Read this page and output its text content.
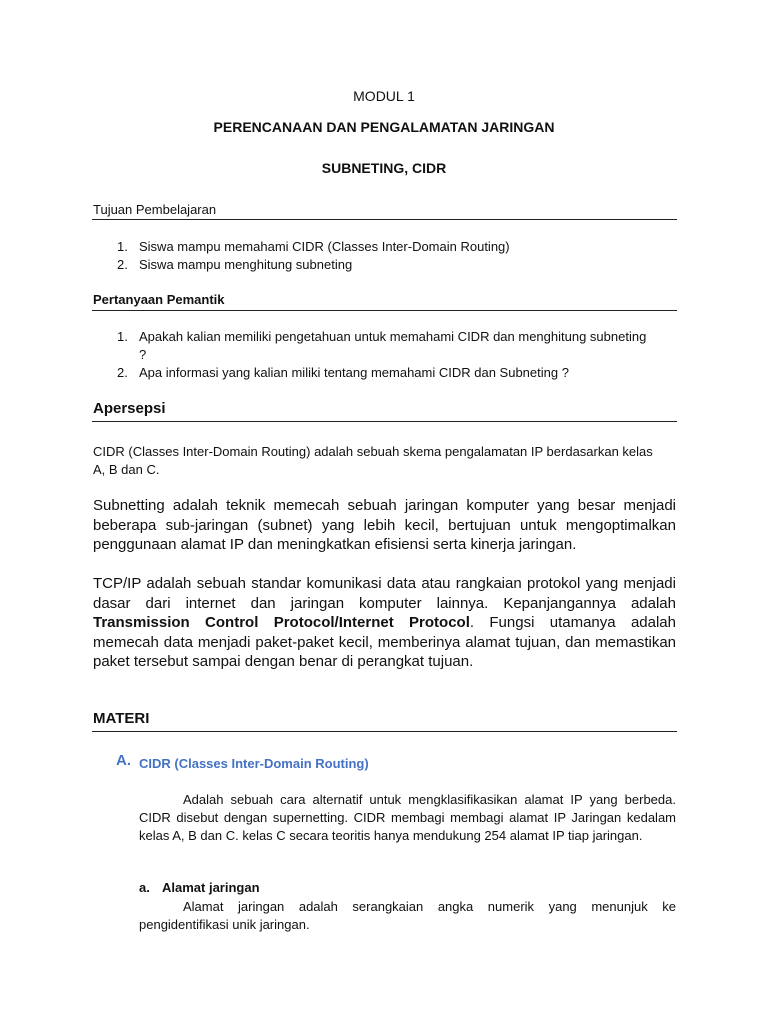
MODUL 1
PERENCANAAN DAN PENGALAMATAN JARINGAN
SUBNETING, CIDR
Tujuan Pembelajaran
1. Siswa mampu memahami CIDR (Classes Inter-Domain Routing)
2. Siswa mampu menghitung subneting
Pertanyaan Pemantik
1. Apakah kalian memiliki pengetahuan untuk memahami CIDR dan menghitung subneting ?
2. Apa informasi yang kalian miliki tentang memahami CIDR dan Subneting ?
Apersepsi
CIDR (Classes Inter-Domain Routing) adalah sebuah skema pengalamatan IP berdasarkan kelas A, B dan C.
Subnetting adalah teknik memecah sebuah jaringan komputer yang besar menjadi beberapa sub-jaringan (subnet) yang lebih kecil, bertujuan untuk mengoptimalkan penggunaan alamat IP dan meningkatkan efisiensi serta kinerja jaringan.
TCP/IP adalah sebuah standar komunikasi data atau rangkaian protokol yang menjadi dasar dari internet dan jaringan komputer lainnya. Kepanjangannya adalah Transmission Control Protocol/Internet Protocol. Fungsi utamanya adalah memecah data menjadi paket-paket kecil, memberinya alamat tujuan, dan memastikan paket tersebut sampai dengan benar di perangkat tujuan.
MATERI
A. CIDR (Classes Inter-Domain Routing)
Adalah sebuah cara alternatif untuk mengklasifikasikan alamat IP yang berbeda. CIDR disebut dengan supernetting. CIDR membagi membagi alamat IP Jaringan kedalam kelas A, B dan C. kelas C secara teoritis hanya mendukung 254 alamat IP tiap jaringan.
a. Alamat jaringan
Alamat jaringan adalah serangkaian angka numerik yang menunjuk ke pengidentifikasi unik jaringan.
